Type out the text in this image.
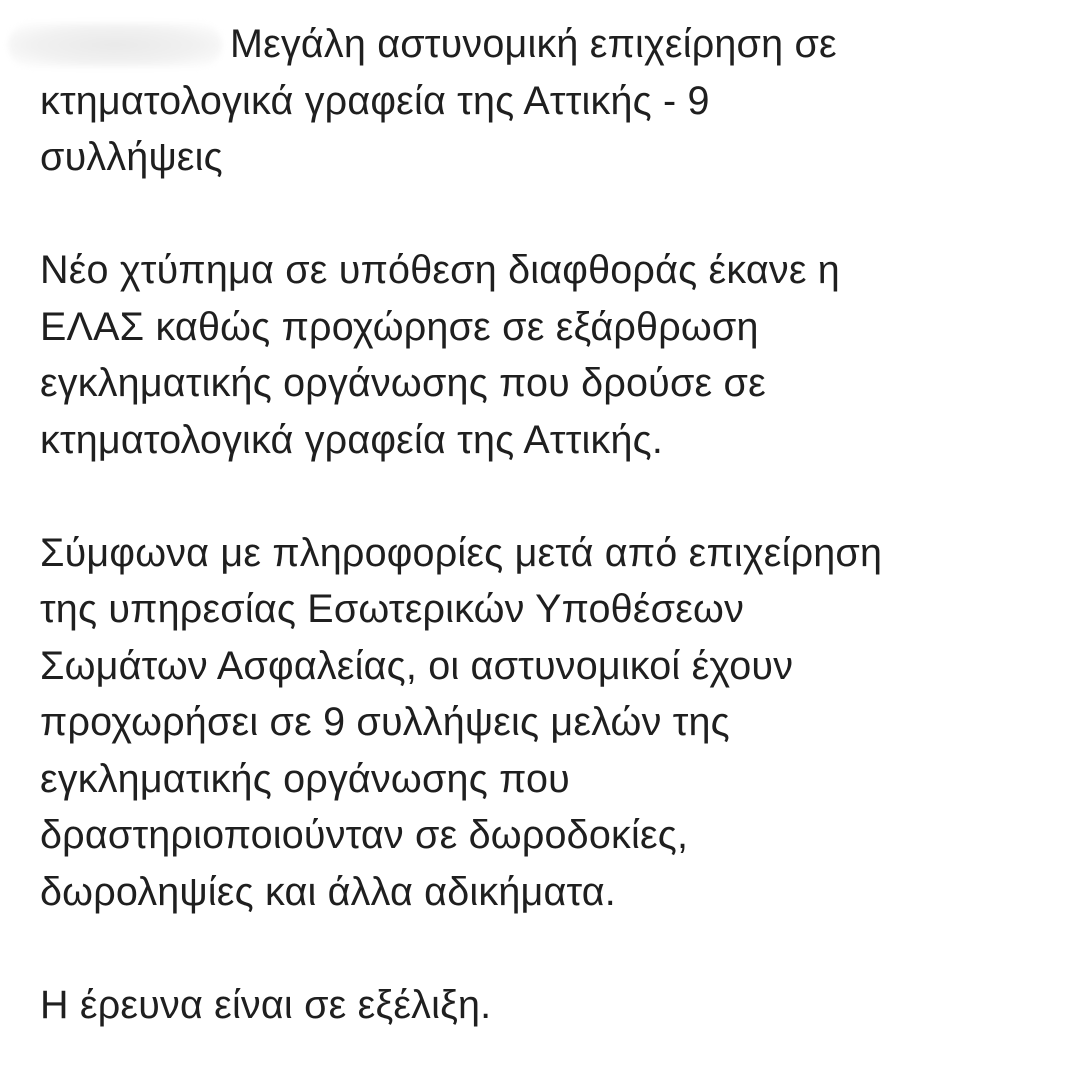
Μεγάλη αστυνομική επιχείρηση σε
κτηματολογικά γραφεία της Αττικής - 9
συλλήψεις

Νέο χτύπημα σε υπόθεση διαφθοράς έκανε η
ΕΛΑΣ καθώς προχώρησε σε εξάρθρωση
εγκληματικής οργάνωσης που δρούσε σε
κτηματολογικά γραφεία της Αττικής.

Σύμφωνα με πληροφορίες μετά από επιχείρηση
της υπηρεσίας Εσωτερικών Υποθέσεων
Σωμάτων Ασφαλείας, οι αστυνομικοί έχουν
προχωρήσει σε 9 συλλήψεις μελών της
εγκληματικής οργάνωσης που
δραστηριοποιούνταν σε δωροδοκίες,
δωροληψίες και άλλα αδικήματα.

Η έρευνα είναι σε εξέλιξη.
